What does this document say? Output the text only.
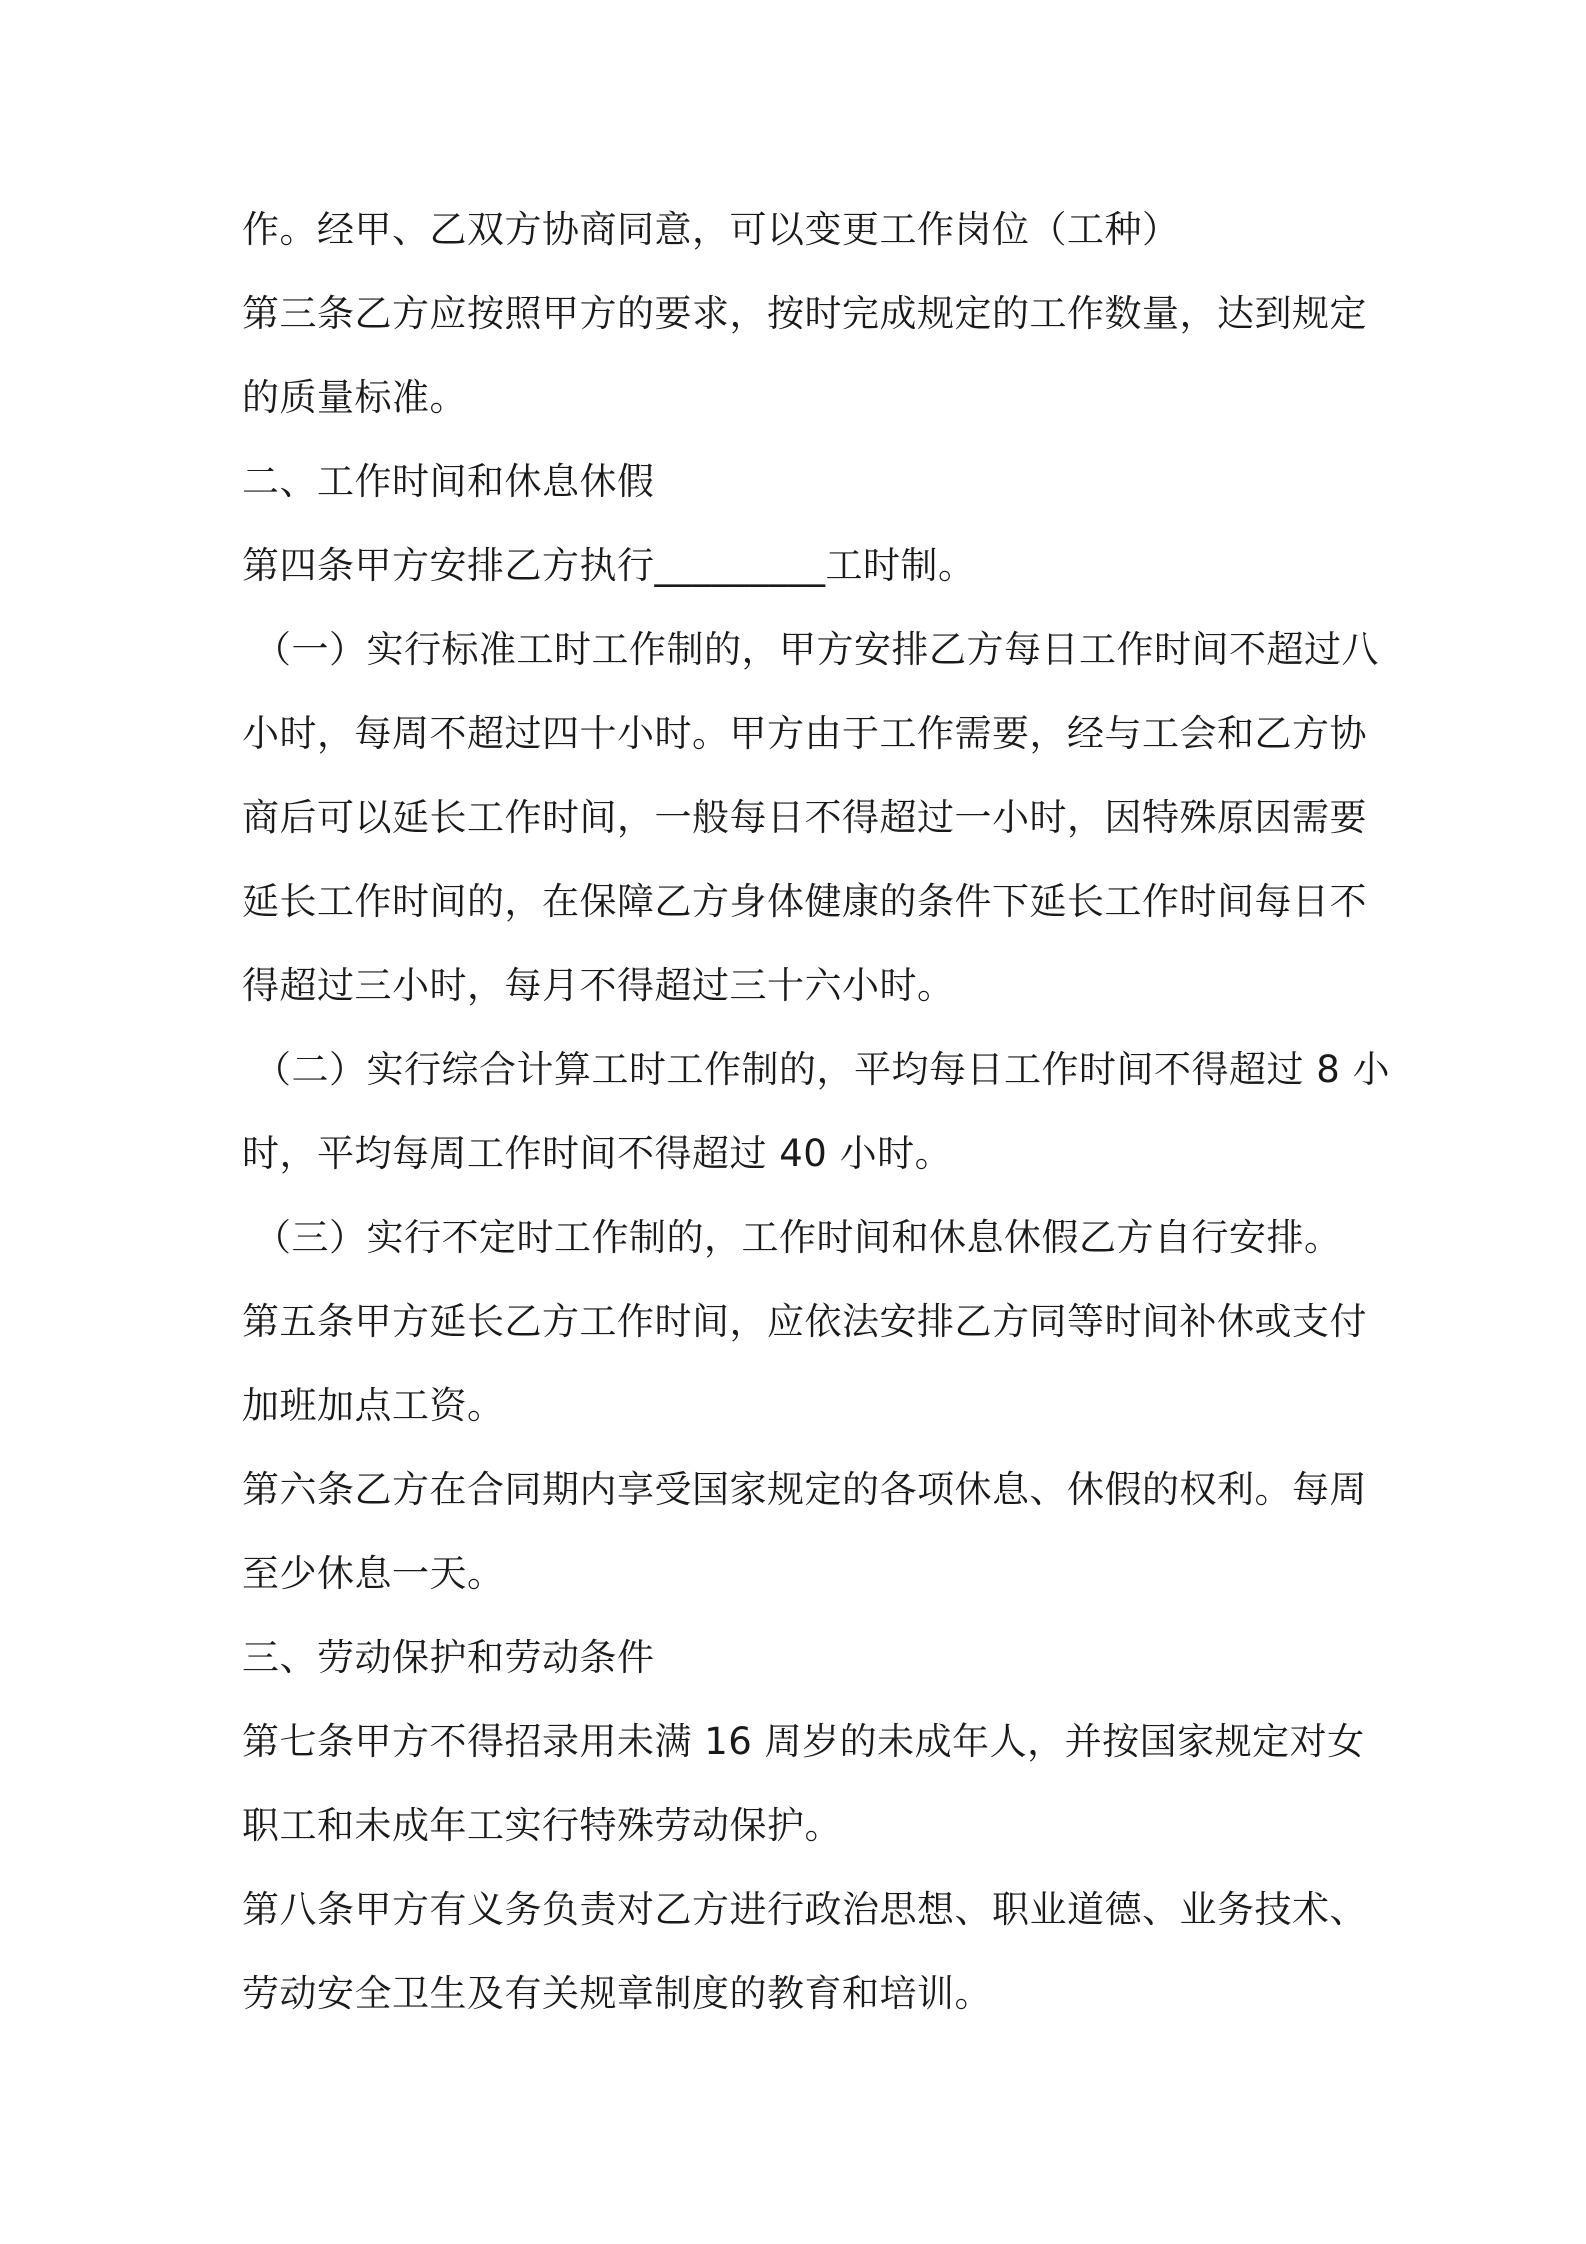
作。经甲、乙双方协商同意，可以变更工作岗位（工种）
第三条乙方应按照甲方的要求，按时完成规定的工作数量，达到规定
的质量标准。
二、工作时间和休息休假
第四条甲方安排乙方执行_________工时制。
（一）实行标准工时工作制的，甲方安排乙方每日工作时间不超过八
小时，每周不超过四十小时。甲方由于工作需要，经与工会和乙方协
商后可以延长工作时间，一般每日不得超过一小时，因特殊原因需要
延长工作时间的，在保障乙方身体健康的条件下延长工作时间每日不
得超过三小时，每月不得超过三十六小时。
（二）实行综合计算工时工作制的，平均每日工作时间不得超过 8 小
时，平均每周工作时间不得超过 40 小时。
（三）实行不定时工作制的，工作时间和休息休假乙方自行安排。
第五条甲方延长乙方工作时间，应依法安排乙方同等时间补休或支付
加班加点工资。
第六条乙方在合同期内享受国家规定的各项休息、休假的权利。每周
至少休息一天。
三、劳动保护和劳动条件
第七条甲方不得招录用未满 16 周岁的未成年人，并按国家规定对女
职工和未成年工实行特殊劳动保护。
第八条甲方有义务负责对乙方进行政治思想、职业道德、业务技术、
劳动安全卫生及有关规章制度的教育和培训。
